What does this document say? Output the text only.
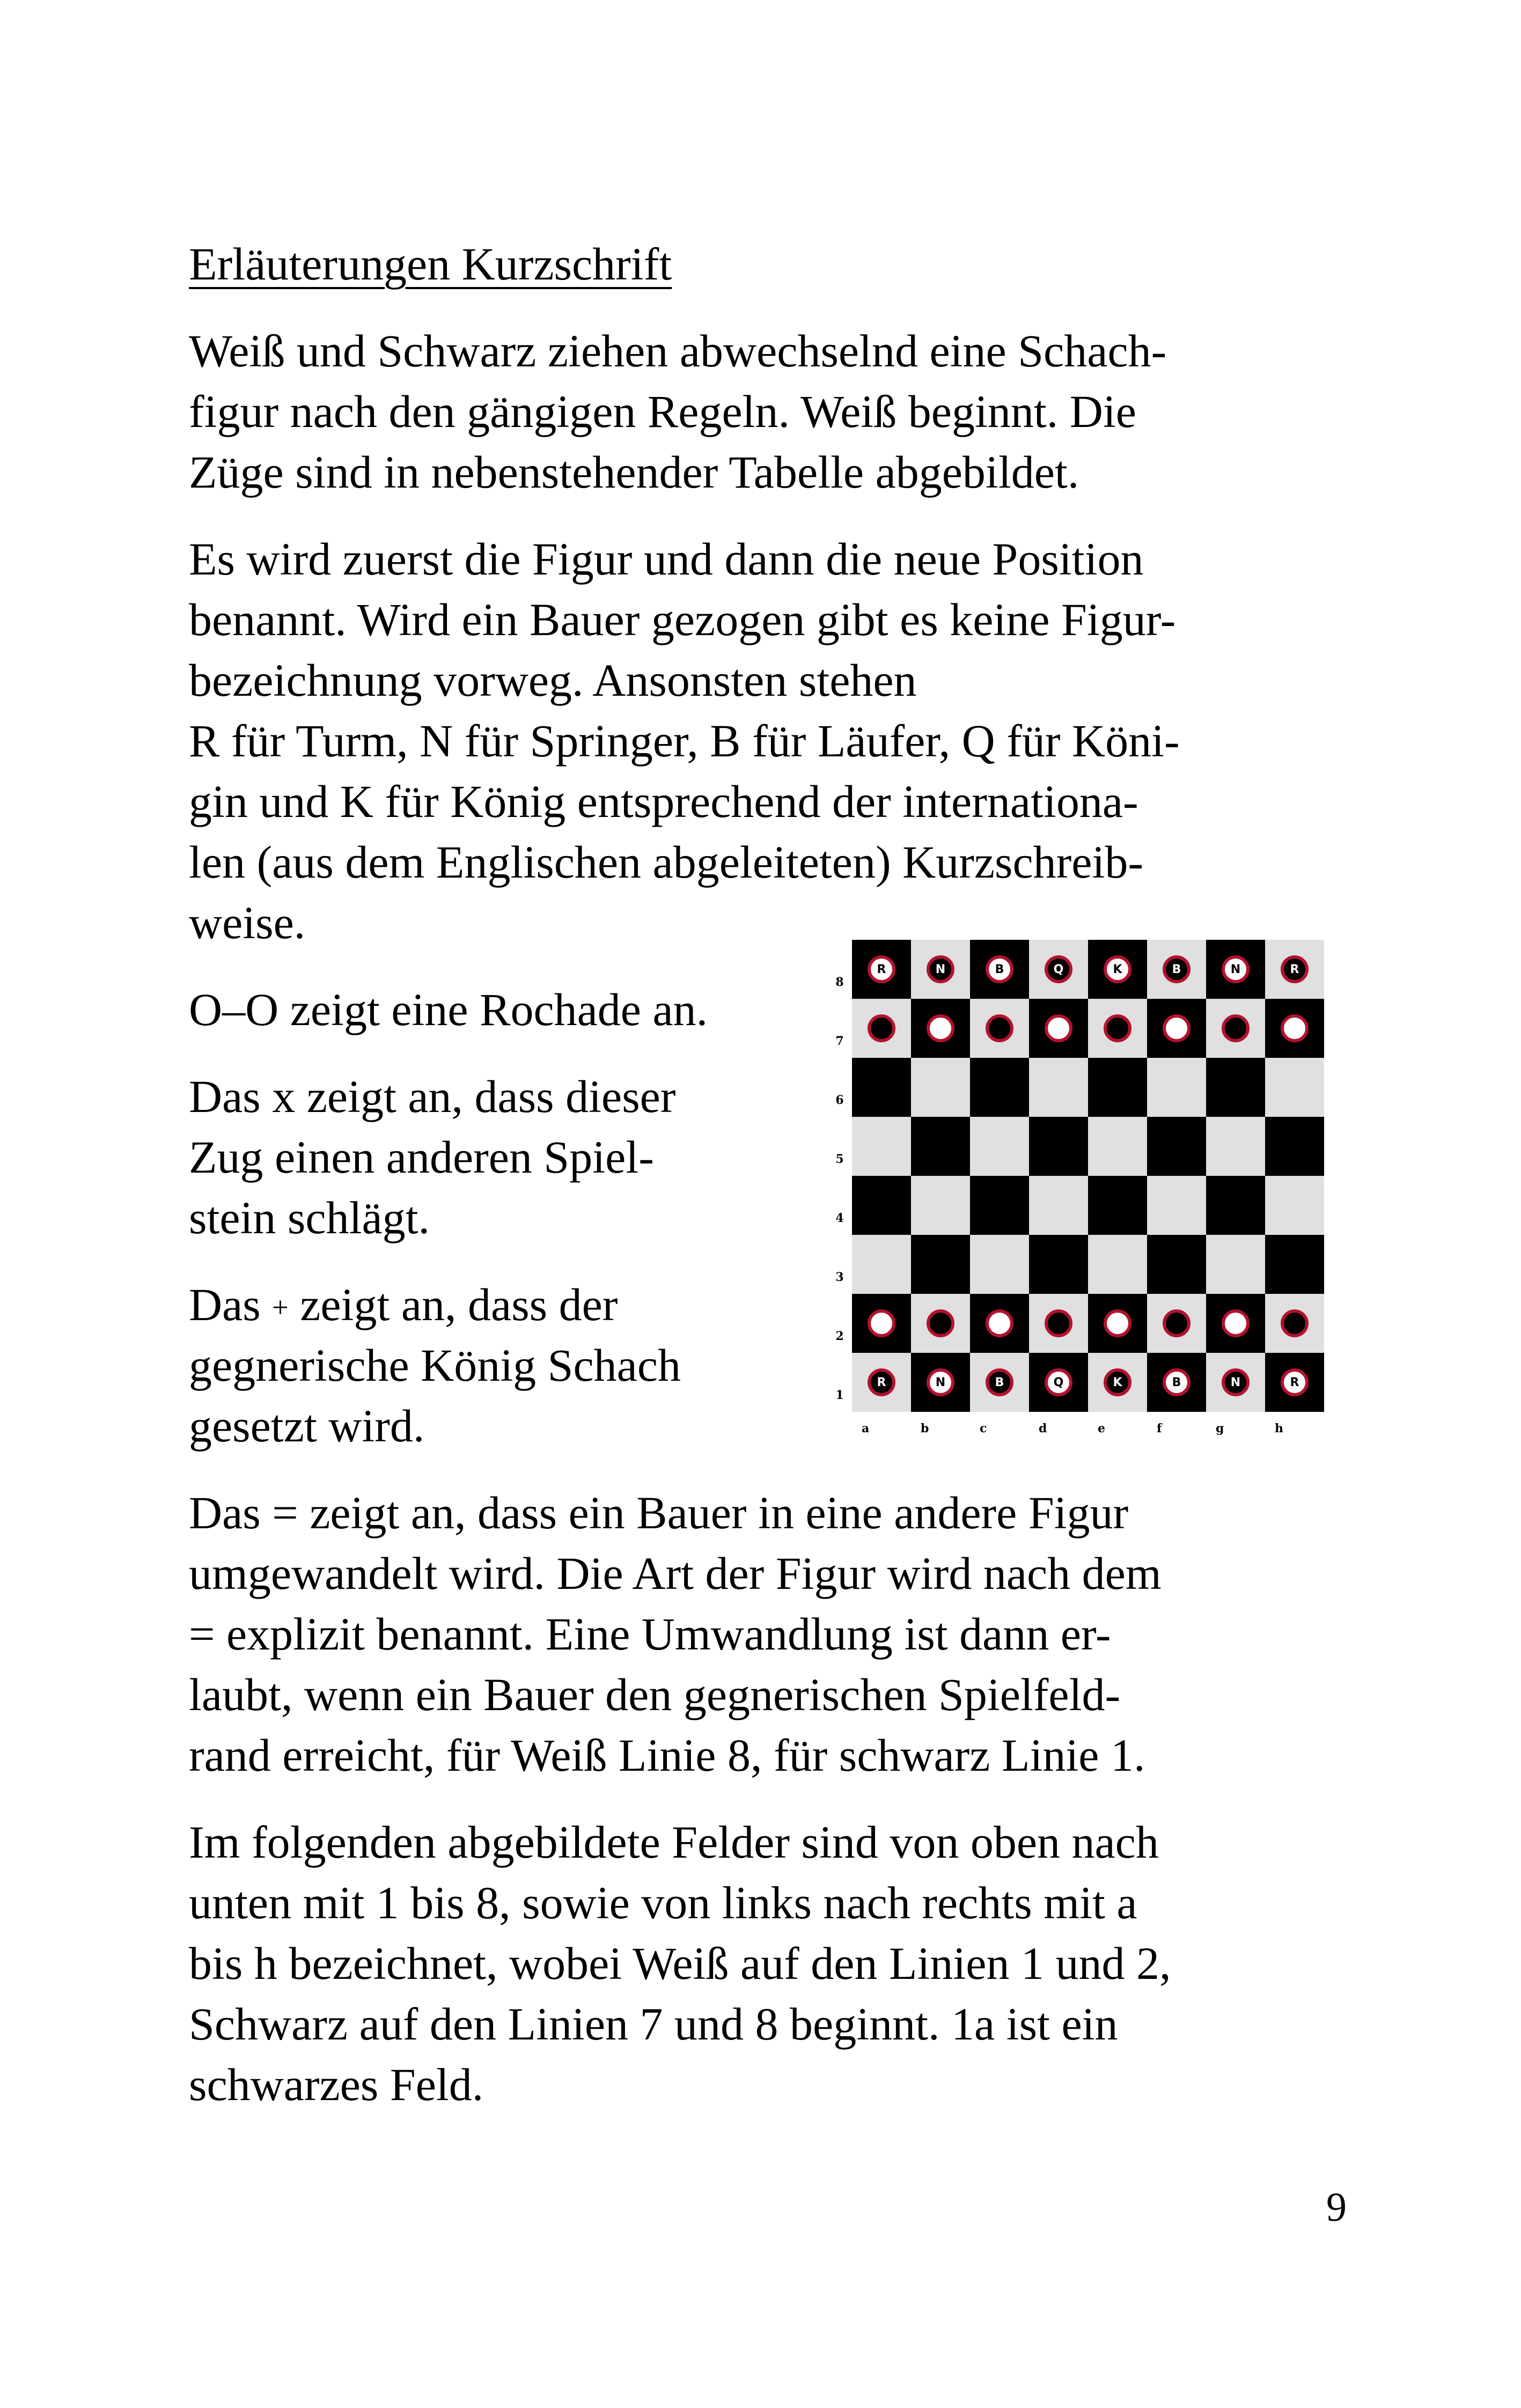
Erläuterungen Kurzschrift
Weiß und Schwarz ziehen abwechselnd eine Schach-
figur nach den gängigen Regeln. Weiß beginnt. Die
Züge sind in nebenstehender Tabelle abgebildet.
Es wird zuerst die Figur und dann die neue Position
benannt. Wird ein Bauer gezogen gibt es keine Figur-
bezeichnung vorweg. Ansonsten stehen
R für Turm, N für Springer, B für Läufer, Q für Köni-
gin und K für König entsprechend der internationa-
len (aus dem Englischen abgeleiteten) Kurzschreib-
weise.
O–O zeigt eine Rochade an.
Das x zeigt an, dass dieser
Zug einen anderen Spiel-
stein schlägt.
Das + zeigt an, dass der
gegnerische König Schach
gesetzt wird.
Das = zeigt an, dass ein Bauer in eine andere Figur
umgewandelt wird. Die Art der Figur wird nach dem
= explizit benannt. Eine Umwandlung ist dann er-
laubt, wenn ein Bauer den gegnerischen Spielfeld-
rand erreicht, für Weiß Linie 8, für schwarz Linie 1.
Im folgenden abgebildete Felder sind von oben nach
unten mit 1 bis 8, sowie von links nach rechts mit a
bis h bezeichnet, wobei Weiß auf den Linien 1 und 2,
Schwarz auf den Linien 7 und 8 beginnt. 1a ist ein
schwarzes Feld.
9
8
7
6
5
4
3
2
1
R	N	B	Q	K	B	N	R
R	N	B	Q	K	B	N	R
a	b	c	d	e	f	g	h
